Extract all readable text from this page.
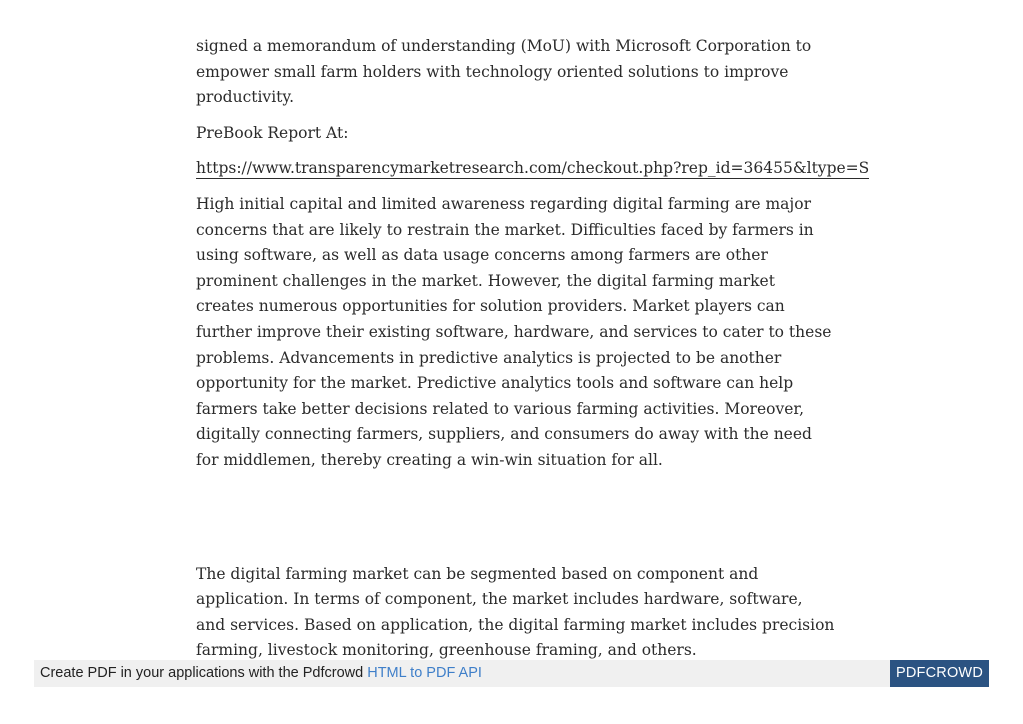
signed a memorandum of understanding (MoU) with Microsoft Corporation to empower small farm holders with technology oriented solutions to improve productivity.

PreBook Report At:

https://www.transparencymarketresearch.com/checkout.php?rep_id=36455&ltype=S

High initial capital and limited awareness regarding digital farming are major concerns that are likely to restrain the market. Difficulties faced by farmers in using software, as well as data usage concerns among farmers are other prominent challenges in the market. However, the digital farming market creates numerous opportunities for solution providers. Market players can further improve their existing software, hardware, and services to cater to these problems. Advancements in predictive analytics is projected to be another opportunity for the market. Predictive analytics tools and software can help farmers take better decisions related to various farming activities. Moreover, digitally connecting farmers, suppliers, and consumers do away with the need for middlemen, thereby creating a win-win situation for all.

The digital farming market can be segmented based on component and application. In terms of component, the market includes hardware, software, and services. Based on application, the digital farming market includes precision farming, livestock monitoring, greenhouse framing, and others.

Create PDF in your applications with the Pdfcrowd HTML to PDF API	PDFCROWD
